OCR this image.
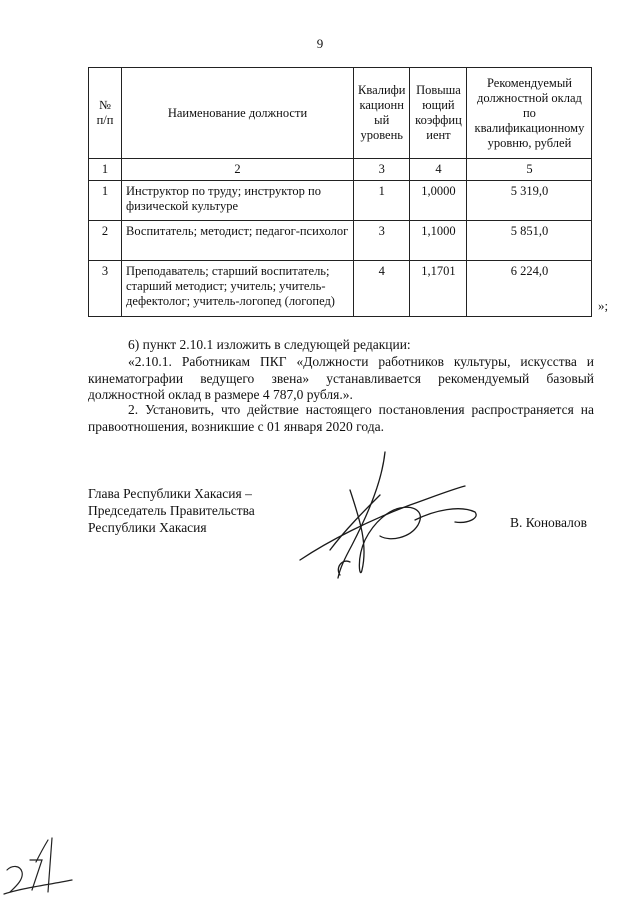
9
№ п/п	Наименование должности	Квалифи кационн ый уровень	Повыша ющий коэффиц иент	Рекомендуемый должностной оклад по квалификационному уровню, рублей
1	2	3	4	5
1	Инструктор по труду; инструктор по физической культуре	1	1,0000	5 319,0
2	Воспитатель; методист; педагог-психолог	3	1,1000	5 851,0
3	Преподаватель; старший воспитатель; старший методист; учитель; учитель-дефектолог; учитель-логопед (логопед)	4	1,1701	6 224,0
»;

6) пункт 2.10.1 изложить в следующей редакции:

«2.10.1. Работникам ПКГ «Должности работников культуры, искусства и кинематографии ведущего звена» устанавливается рекомендуемый базовый должностной оклад в размере 4 787,0 рубля.».

2. Установить, что действие настоящего постановления распространяется на правоотношения, возникшие с 01 января 2020 года.

Глава Республики Хакасия –
Председатель Правительства
Республики Хакасия	В. Коновалов
